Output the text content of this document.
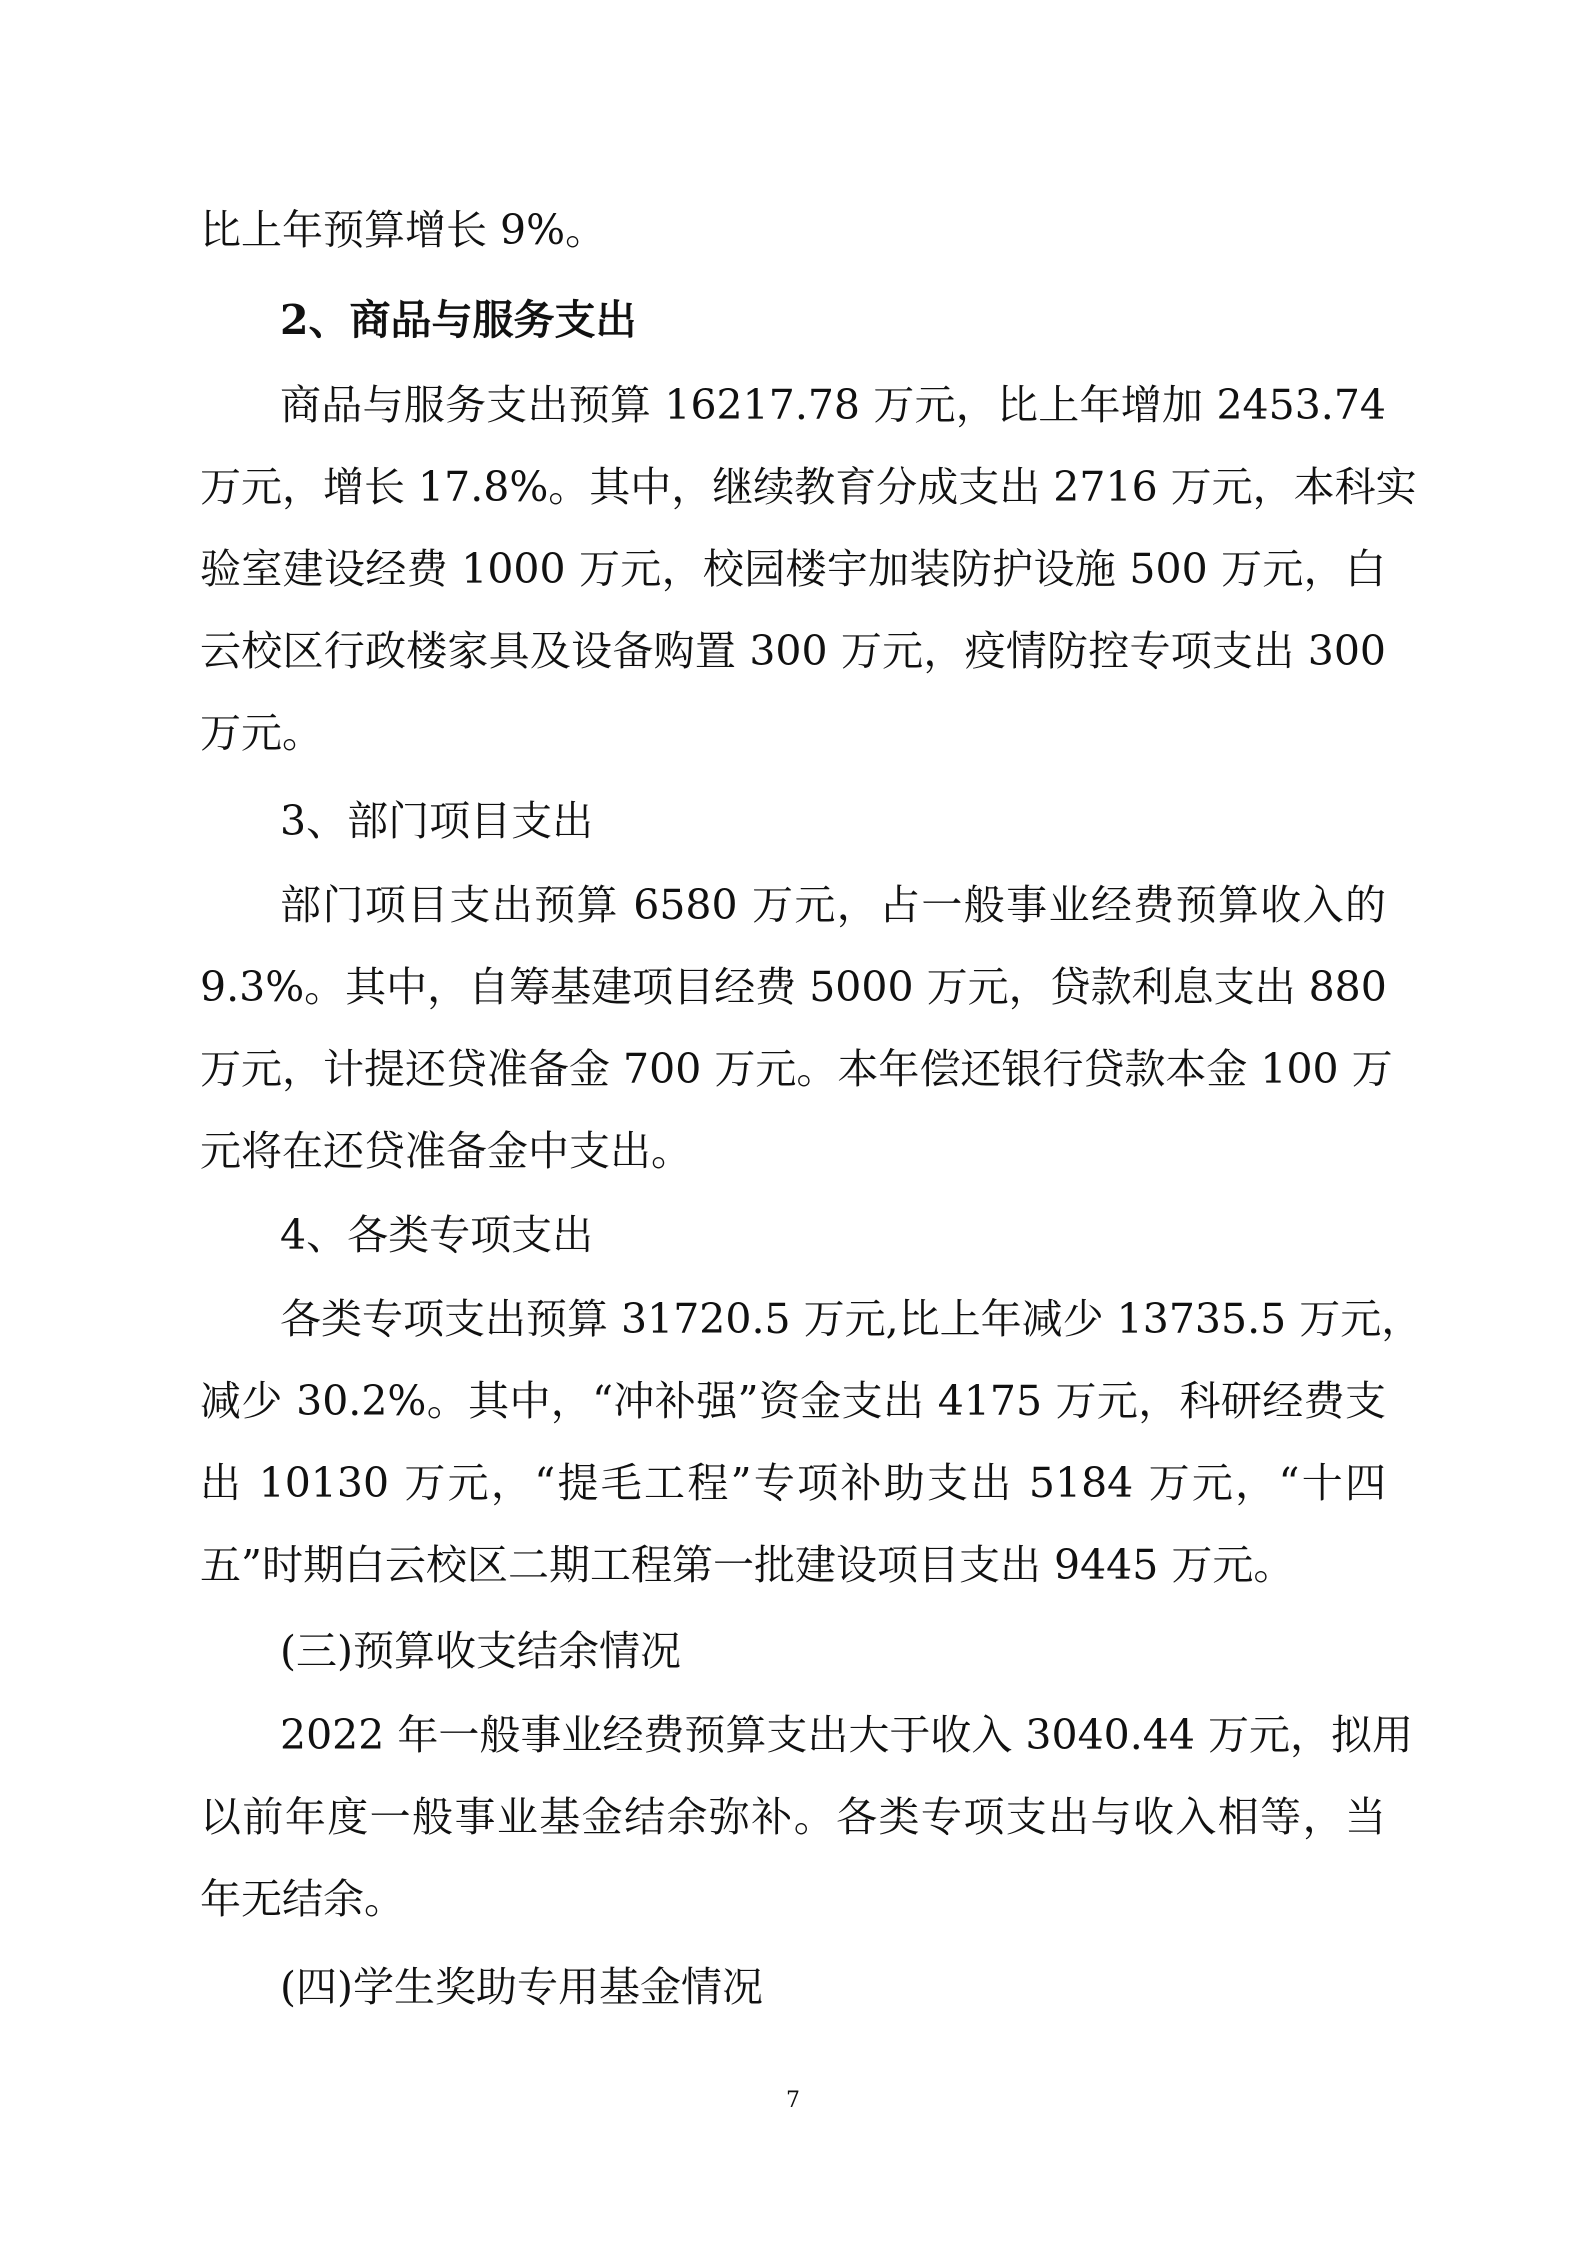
比上年预算增长 9%。
2、商品与服务支出
商品与服务支出预算 16217.78 万元，比上年增加 2453.74
万元，增长 17.8%。其中，继续教育分成支出 2716 万元，本科实
验室建设经费 1000 万元，校园楼宇加装防护设施 500 万元，白
云校区行政楼家具及设备购置 300 万元，疫情防控专项支出 300
万元。
3、部门项目支出
部门项目支出预算 6580 万元，占一般事业经费预算收入的
9.3%。其中，自筹基建项目经费 5000 万元，贷款利息支出 880
万元，计提还贷准备金 700 万元。本年偿还银行贷款本金 100 万
元将在还贷准备金中支出。
4、各类专项支出
各类专项支出预算 31720.5 万元,比上年减少 13735.5 万元，
减少 30.2%。其中，“冲补强”资金支出 4175 万元，科研经费支
出 10130 万元，“提毛工程”专项补助支出 5184 万元，“十四
五”时期白云校区二期工程第一批建设项目支出 9445 万元。
(三)预算收支结余情况
2022 年一般事业经费预算支出大于收入 3040.44 万元，拟用
以前年度一般事业基金结余弥补。各类专项支出与收入相等，当
年无结余。
(四)学生奖助专用基金情况
7
